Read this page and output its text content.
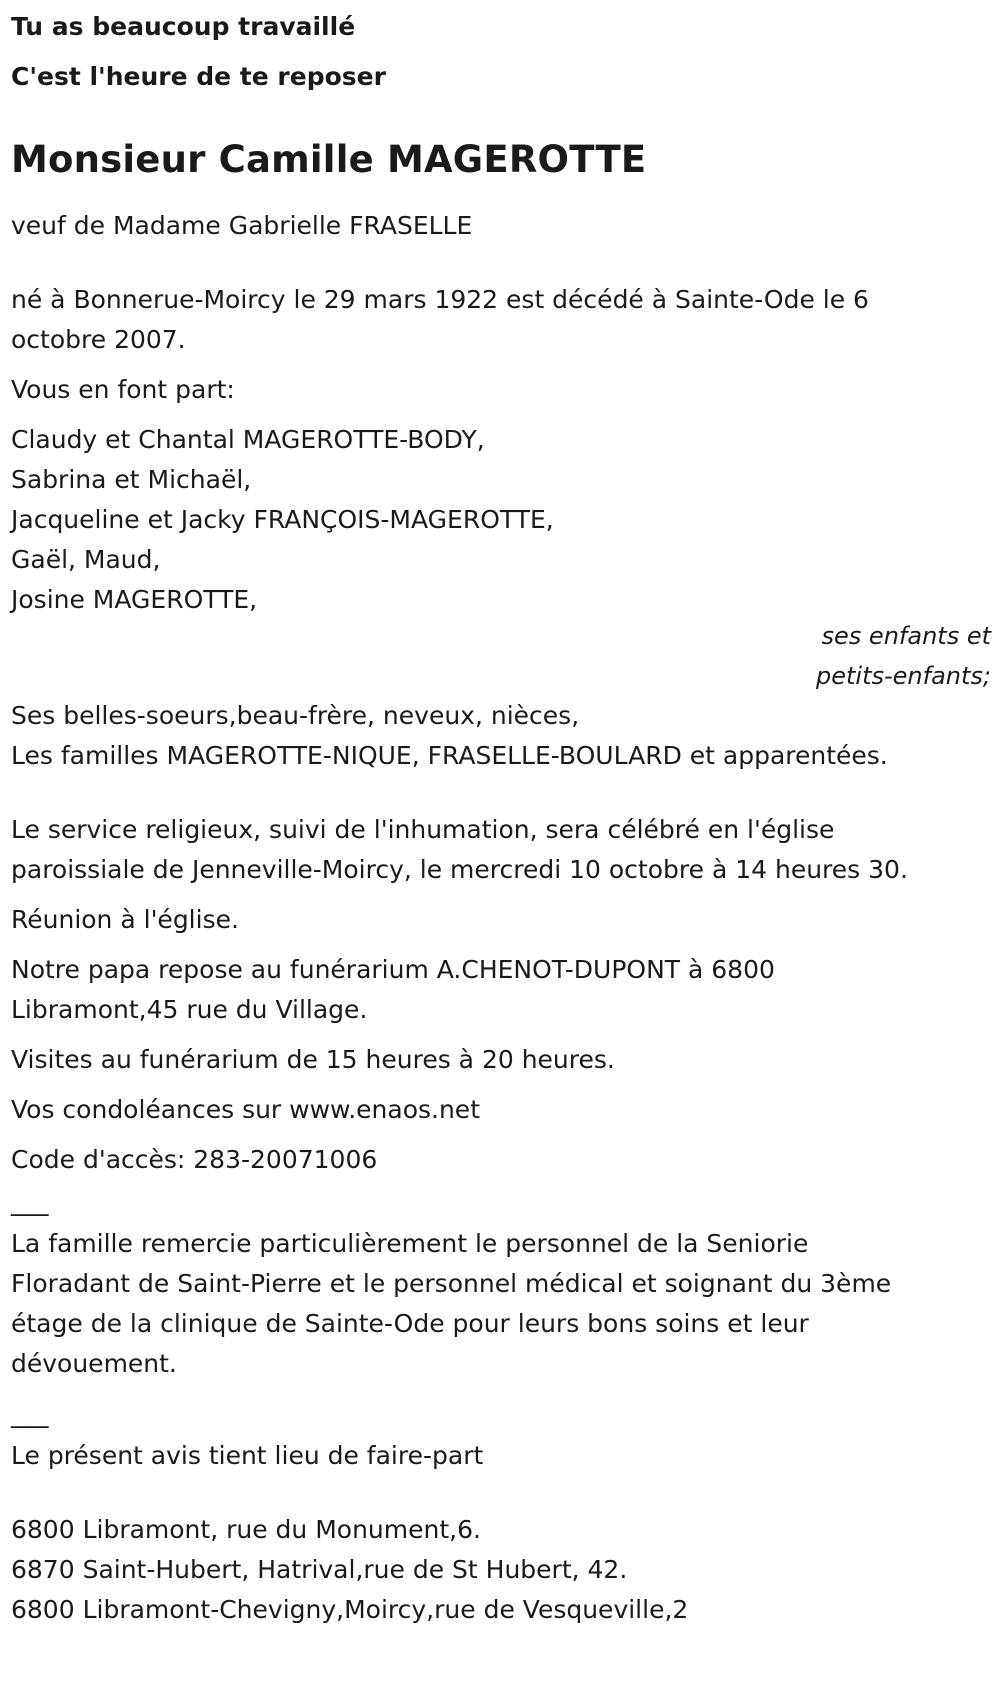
Tu as beaucoup travaillé

C'est l'heure de te reposer

Monsieur Camille MAGEROTTE

veuf de Madame Gabrielle FRASELLE

né à Bonnerue-Moircy le 29 mars 1922 est décédé à Sainte-Ode le 6

octobre 2007.

Vous en font part:

Claudy et Chantal MAGEROTTE-BODY,

Sabrina et Michaël,

Jacqueline et Jacky FRANÇOIS-MAGEROTTE,

Gaël, Maud,

Josine MAGEROTTE,

ses enfants et

petits-enfants;

Ses belles-soeurs,beau-frère, neveux, nièces,

Les familles MAGEROTTE-NIQUE, FRASELLE-BOULARD et apparentées.

Le service religieux, suivi de l'inhumation, sera célébré en l'église

paroissiale de Jenneville-Moircy, le mercredi 10 octobre à 14 heures 30.

Réunion à l'église.

Notre papa repose au funérarium A.CHENOT-DUPONT à 6800

Libramont,45 rue du Village.

Visites au funérarium de 15 heures à 20 heures.

Vos condoléances sur www.enaos.net

Code d'accès: 283-20071006

___

La famille remercie particulièrement le personnel de la Seniorie

Floradant de Saint-Pierre et le personnel médical et soignant du 3ème

étage de la clinique de Sainte-Ode pour leurs bons soins et leur

dévouement.

___

Le présent avis tient lieu de faire-part

6800 Libramont, rue du Monument,6.

6870 Saint-Hubert, Hatrival,rue de St Hubert, 42.

6800 Libramont-Chevigny,Moircy,rue de Vesqueville,2
